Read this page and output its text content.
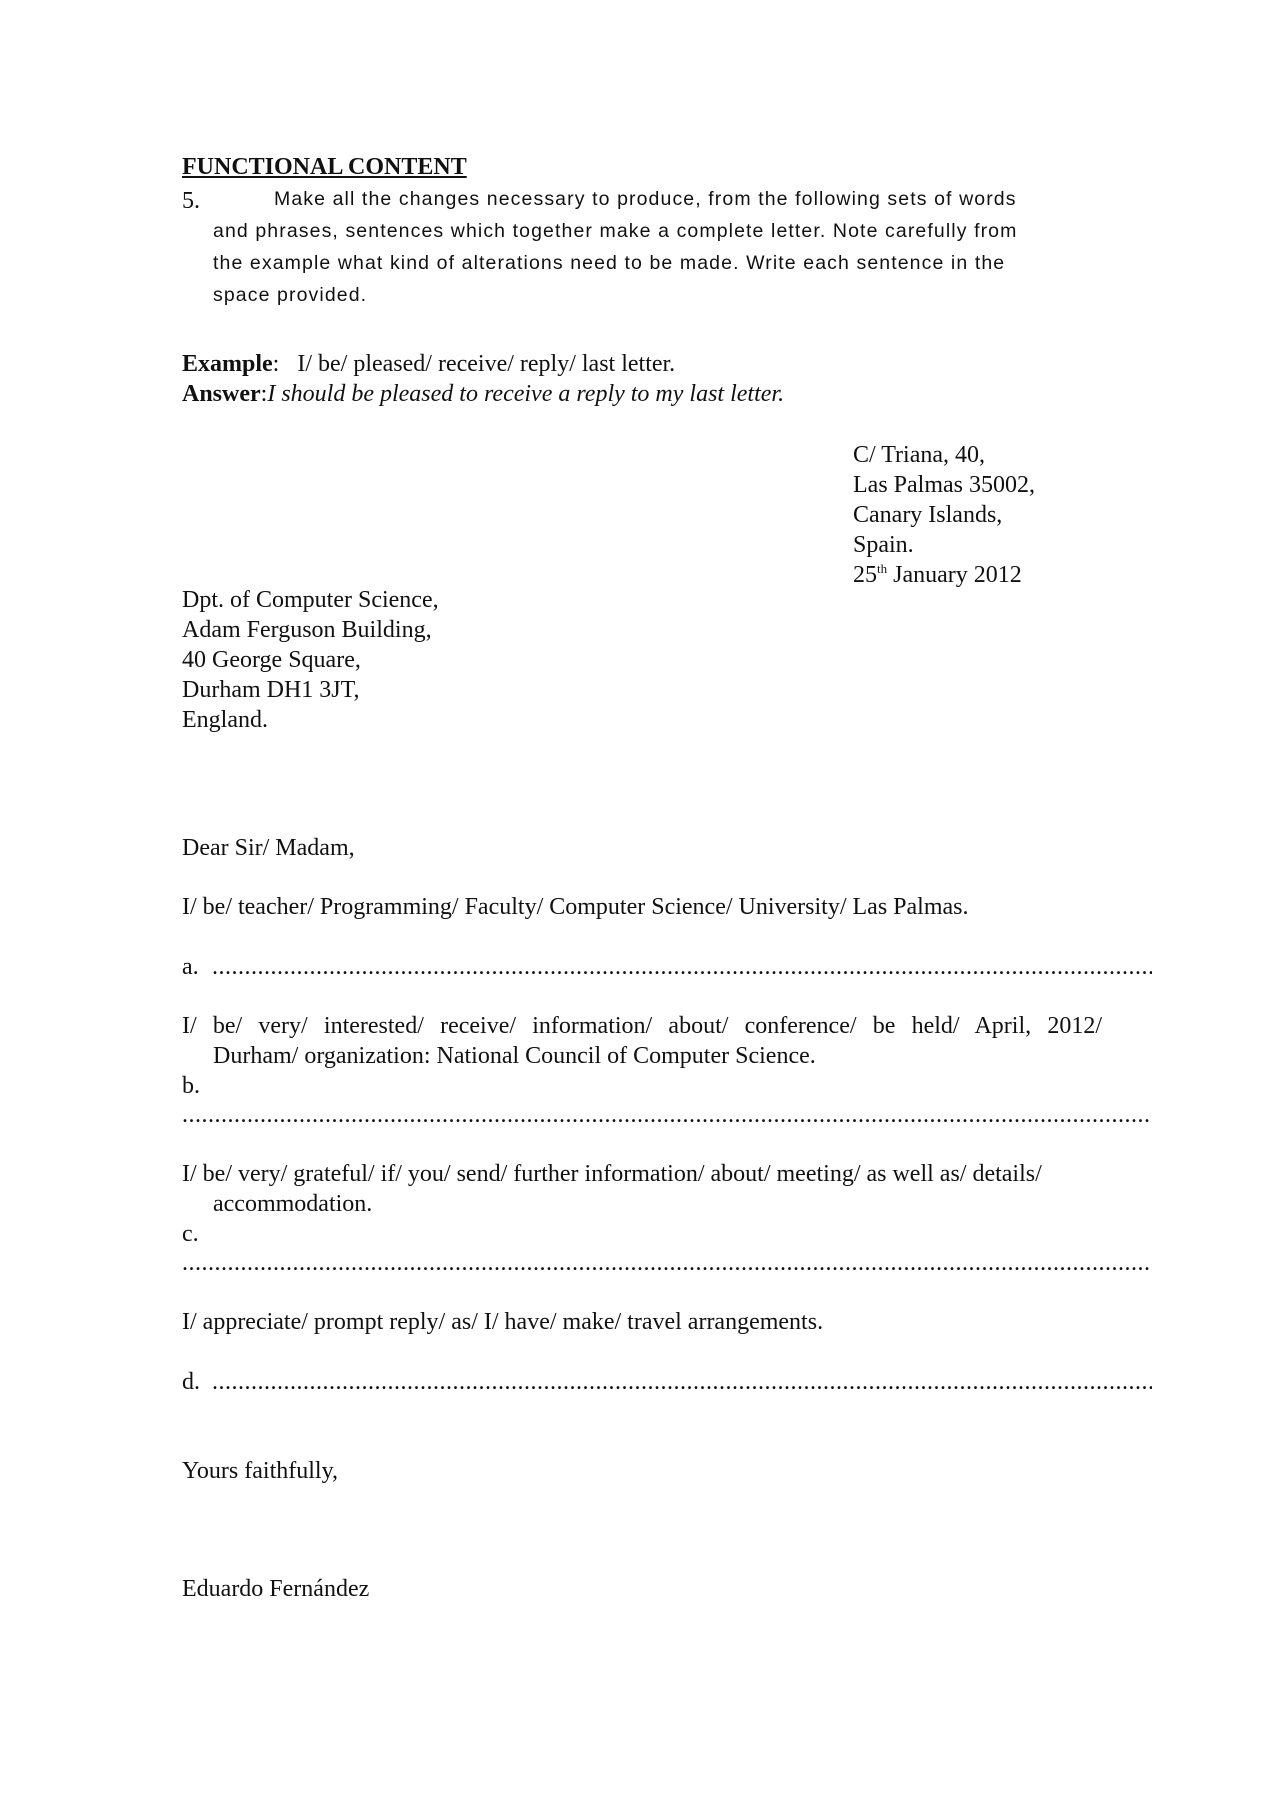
FUNCTIONAL CONTENT
5.	Make all the changes necessary to produce, from the following sets of words
and phrases, sentences which together make a complete letter. Note carefully from
the example what kind of alterations need to be made. Write each sentence in the
space provided.
Example:   I/ be/ pleased/ receive/ reply/ last letter.
Answer:I should be pleased to receive a reply to my last letter.
C/ Triana, 40,
Las Palmas 35002,
Canary Islands,
Spain.
25th January 2012
Dpt. of Computer Science,
Adam Ferguson Building,
40 George Square,
Durham DH1 3JT,
England.
Dear Sir/ Madam,
I/ be/ teacher/ Programming/ Faculty/ Computer Science/ University/ Las Palmas.
a.
.....
I/ be/ very/ interested/ receive/ information/ about/ conference/ be held/ April, 2012/
Durham/ organization: National Council of Computer Science.
b.
.....
I/ be/ very/ grateful/ if/ you/ send/ further information/ about/ meeting/ as well as/ details/
accommodation.
c.
.....
I/ appreciate/ prompt reply/ as/ I/ have/ make/ travel arrangements.
d.
.....
Yours faithfully,
Eduardo Fernández
